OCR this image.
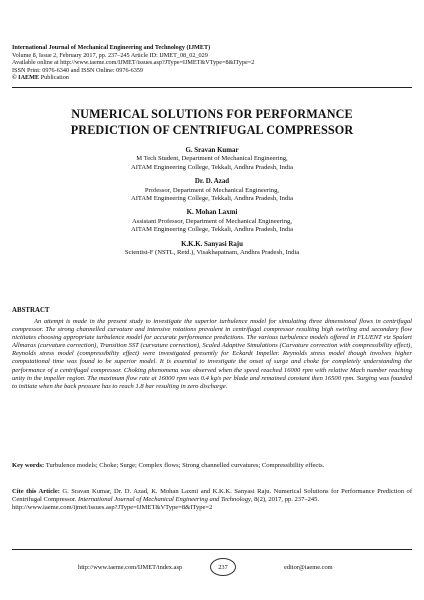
International Journal of Mechanical Engineering and Technology (IJMET)
Volume 8, Issue 2, February 2017, pp. 237–245 Article ID: IJMET_08_02_029
Available online at http://www.iaeme.com/IJMET/issues.asp?JType=IJMET&VType=8&IType=2
ISSN Print: 0976-6340 and ISSN Online: 0976-6359
© IAEME Publication
NUMERICAL SOLUTIONS FOR PERFORMANCE
PREDICTION OF CENTRIFUGAL COMPRESSOR
G. Sravan Kumar
M Tech Student, Department of Mechanical Engineering,
AITAM Engineering College, Tekkali, Andhra Pradesh, India
Dr. D. Azad
Professor, Department of Mechanical Engineering,
AITAM Engineering College, Tekkali, Andhra Pradesh, India
K. Mohan Laxmi
Assistant Professor, Department of Mechanical Engineering,
AITAM Engineering College, Tekkali, Andhra Pradesh, India
K.K.K. Sanyasi Raju
Scientist-F (NSTL, Retd.), Visakhapatnam, Andhra Pradesh, India
ABSTRACT
An attempt is made in the present study to investigate the superior turbulence model for simulating three dimensional flows in centrifugal compressor. The strong channelled curvature and intensive rotations prevalent in centrifugal compressor resulting high swirling and secondary flow nictitates choosing appropriate turbulence model for accurate performance predictions. The various turbulence models offered in FLUENT viz Spalart Allmaras (curvature correction), Transition SST (curvature correction), Scaled Adaptive Simulations (Curvature correction with compressibility effect), Reynolds stress model (compressibility effect) were investigated presently for Eckardt Impeller. Reynolds stress model though involves higher computational time was found to be superior model. It is essential to investigate the onset of surge and choke for completely understanding the performance of a centrifugal compressor. Choking phenomena was observed when the speed reached 16000 rpm with relative Mach number reaching unity in the impeller region. The maximum flow rate at 16000 rpm was 0.4 kg/s per blade and remained constant then 16500 rpm. Surging was founded to initiate when the back pressure has to reach 1.8 bar resulting in zero discharge.
Key words: Turbulence models; Choke; Surge; Complex flows; Strong channelled curvatures; Compressibility effects.
Cite this Article: G. Sravan Kumar, Dr. D. Azad, K. Mohan Laxmi and K.K.K. Sanyasi Raju. Numerical Solutions for Performance Prediction of Centrifugal Compressor. International Journal of Mechanical Engineering and Technology, 8(2), 2017, pp. 237–245.
http://www.iaeme.com/ijmet/issues.asp?JType=IJMET&VType=8&IType=2
http://www.iaeme.com/IJMET/index.asp	237	editor@iaeme.com
